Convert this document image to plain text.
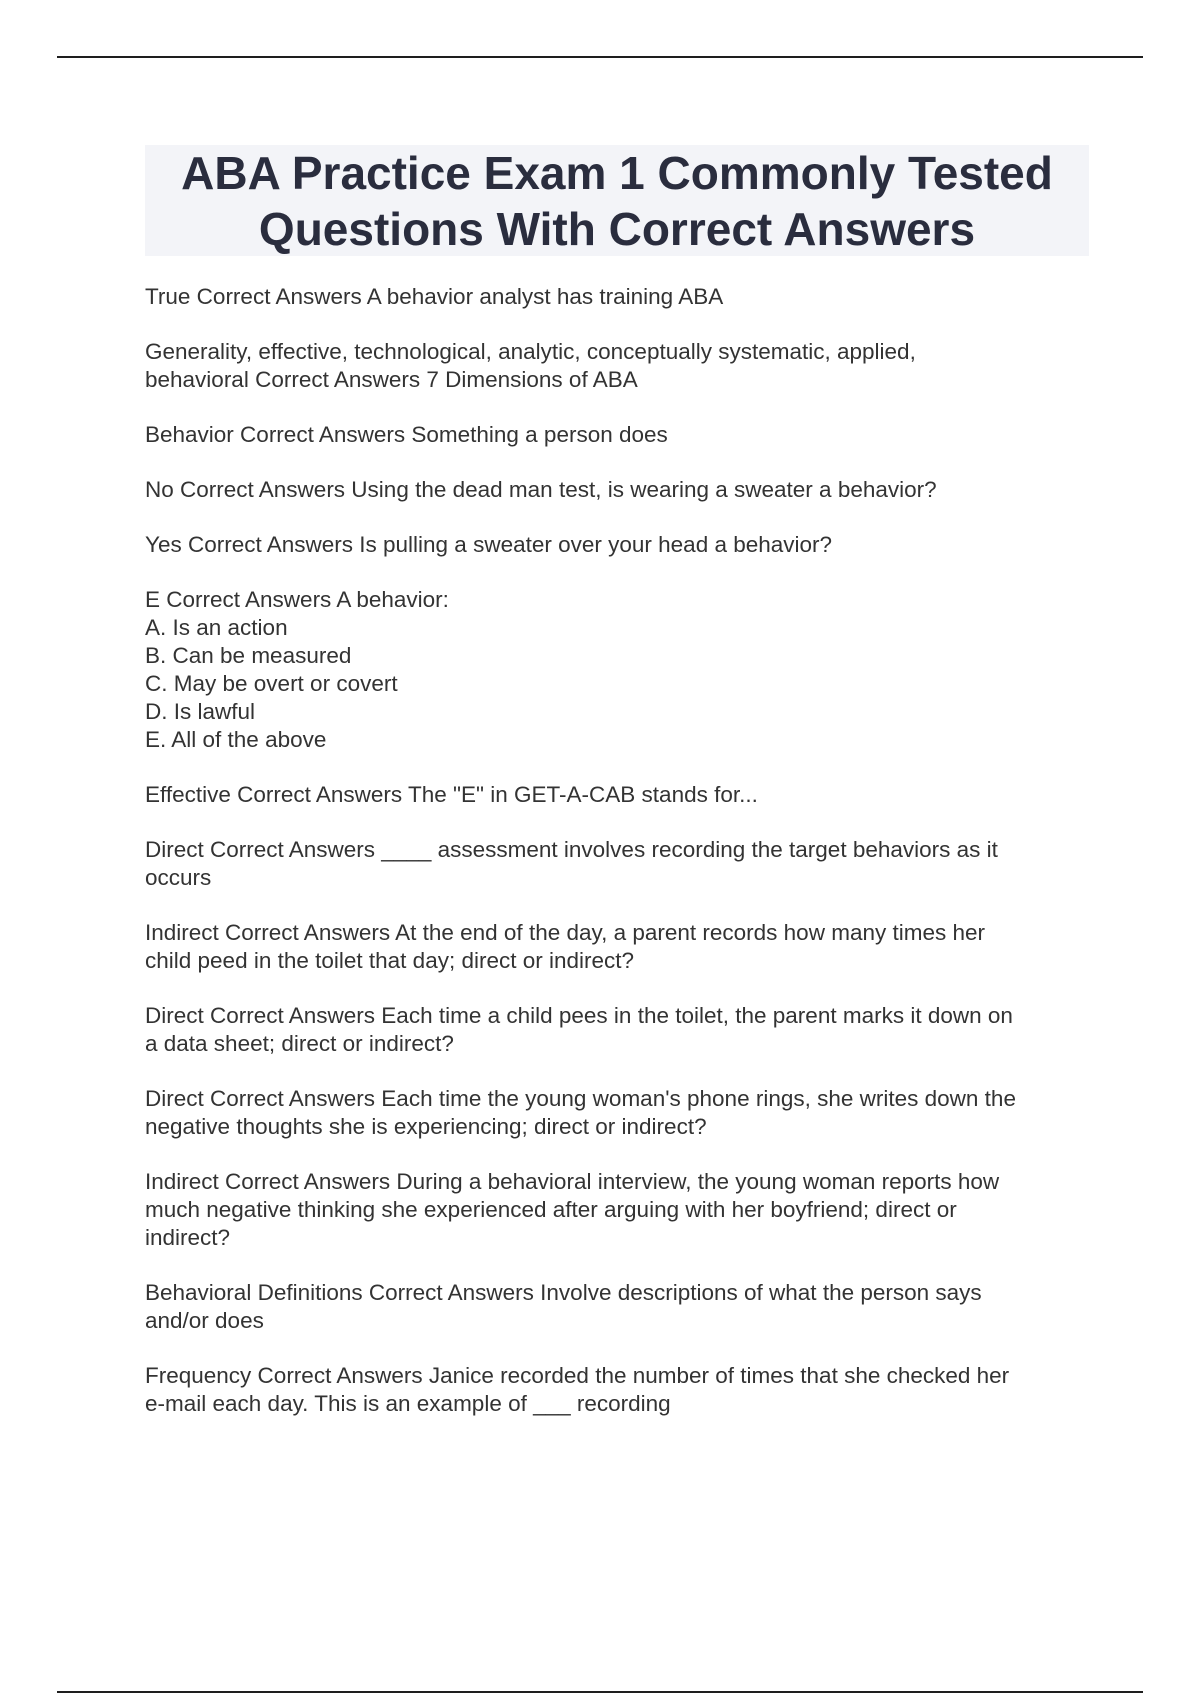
ABA Practice Exam 1 Commonly Tested
Questions With Correct Answers
True Correct Answers A behavior analyst has training ABA
Generality, effective, technological, analytic, conceptually systematic, applied,
behavioral Correct Answers 7 Dimensions of ABA
Behavior Correct Answers Something a person does
No Correct Answers Using the dead man test, is wearing a sweater a behavior?
Yes Correct Answers Is pulling a sweater over your head a behavior?
E Correct Answers A behavior:
A. Is an action
B. Can be measured
C. May be overt or covert
D. Is lawful
E. All of the above
Effective Correct Answers The "E" in GET-A-CAB stands for...
Direct Correct Answers ____ assessment involves recording the target behaviors as it
occurs
Indirect Correct Answers At the end of the day, a parent records how many times her
child peed in the toilet that day; direct or indirect?
Direct Correct Answers Each time a child pees in the toilet, the parent marks it down on
a data sheet; direct or indirect?
Direct Correct Answers Each time the young woman's phone rings, she writes down the
negative thoughts she is experiencing; direct or indirect?
Indirect Correct Answers During a behavioral interview, the young woman reports how
much negative thinking she experienced after arguing with her boyfriend; direct or
indirect?
Behavioral Definitions Correct Answers Involve descriptions of what the person says
and/or does
Frequency Correct Answers Janice recorded the number of times that she checked her
e-mail each day. This is an example of ___ recording
